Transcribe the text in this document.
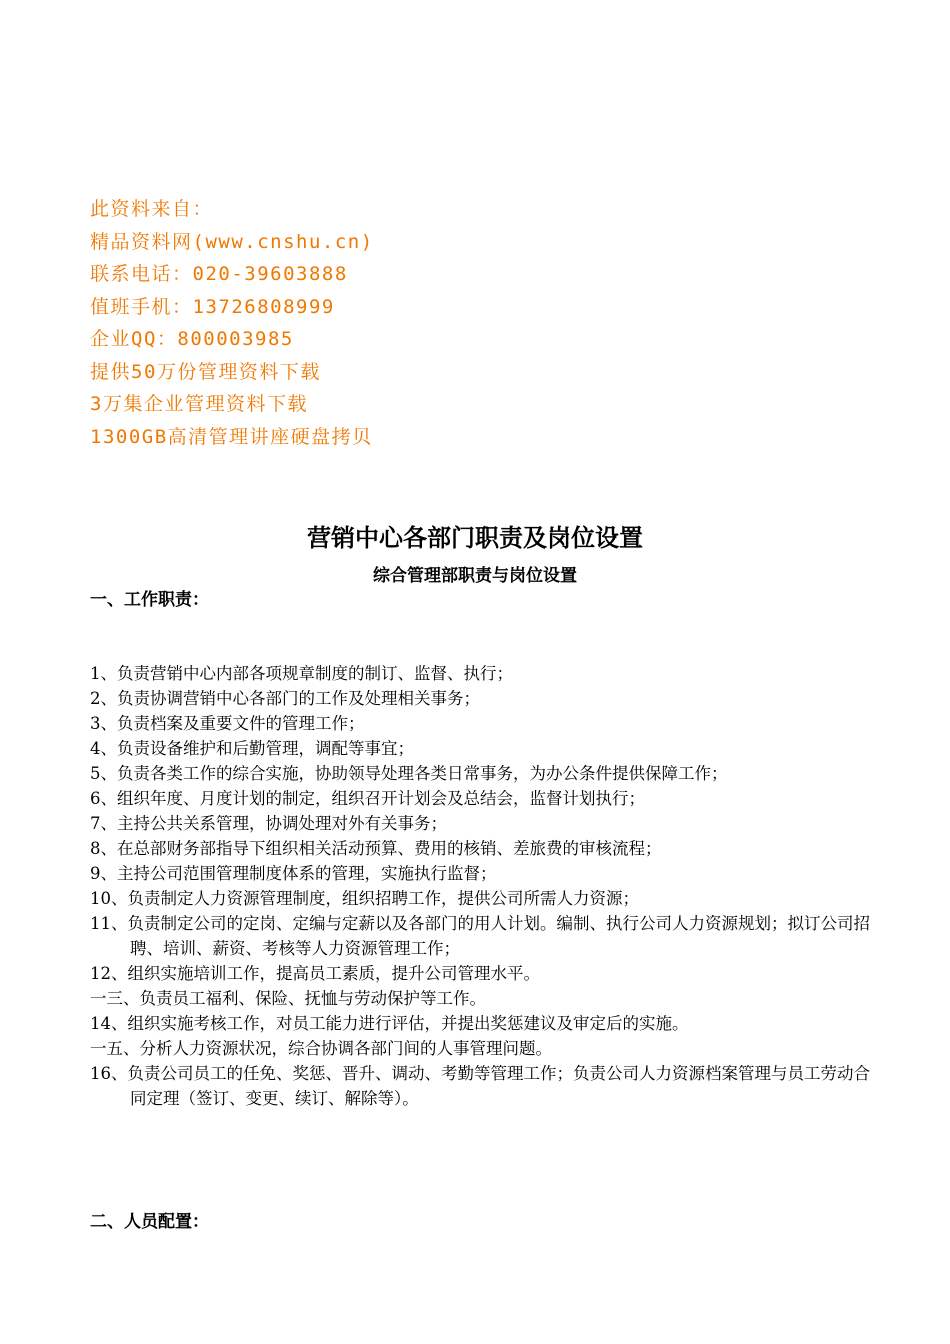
此资料来自：
精品资料网(www.cnshu.cn)
联系电话：020-39603888
值班手机：13726808999
企业QQ：800003985
提供50万份管理资料下载
3万集企业管理资料下载
1300GB高清管理讲座硬盘拷贝
营销中心各部门职责及岗位设置
综合管理部职责与岗位设置
一、工作职责：
1、负责营销中心内部各项规章制度的制订、监督、执行；
2、负责协调营销中心各部门的工作及处理相关事务；
3、负责档案及重要文件的管理工作；
4、负责设备维护和后勤管理，调配等事宜；
5、负责各类工作的综合实施，协助领导处理各类日常事务，为办公条件提供保障工作；
6、组织年度、月度计划的制定，组织召开计划会及总结会，监督计划执行；
7、主持公共关系管理，协调处理对外有关事务；
8、在总部财务部指导下组织相关活动预算、费用的核销、差旅费的审核流程；
9、主持公司范围管理制度体系的管理，实施执行监督；
10、负责制定人力资源管理制度，组织招聘工作，提供公司所需人力资源；
11、负责制定公司的定岗、定编与定薪以及各部门的用人计划。编制、执行公司人力资源规划；拟订公司招聘、培训、薪资、考核等人力资源管理工作；
12、组织实施培训工作，提高员工素质，提升公司管理水平。
一三、负责员工福利、保险、抚恤与劳动保护等工作。
14、组织实施考核工作，对员工能力进行评估，并提出奖惩建议及审定后的实施。
一五、分析人力资源状况，综合协调各部门间的人事管理问题。
16、负责公司员工的任免、奖惩、晋升、调动、考勤等管理工作；负责公司人力资源档案管理与员工劳动合同定理（签订、变更、续订、解除等）。
二、人员配置：
